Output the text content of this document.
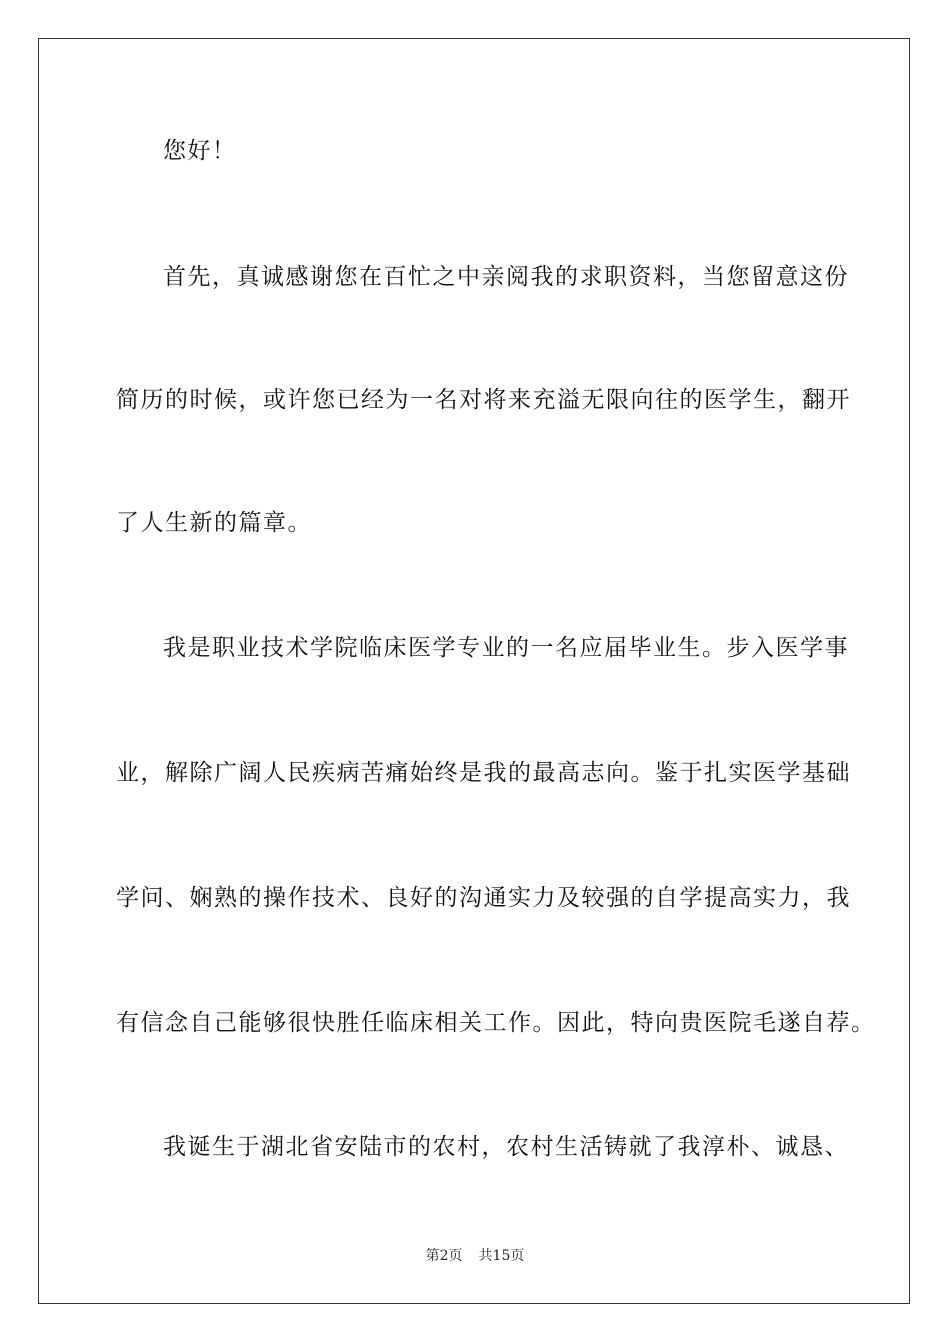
您好！
首先，真诚感谢您在百忙之中亲阅我的求职资料，当您留意这份
简历的时候，或许您已经为一名对将来充溢无限向往的医学生，翻开
了人生新的篇章。
我是职业技术学院临床医学专业的一名应届毕业生。步入医学事
业，解除广阔人民疾病苦痛始终是我的最高志向。鉴于扎实医学基础
学问、娴熟的操作技术、良好的沟通实力及较强的自学提高实力，我
有信念自己能够很快胜任临床相关工作。因此，特向贵医院毛遂自荐。
我诞生于湖北省安陆市的农村，农村生活铸就了我淳朴、诚恳、
第2页 共15页
